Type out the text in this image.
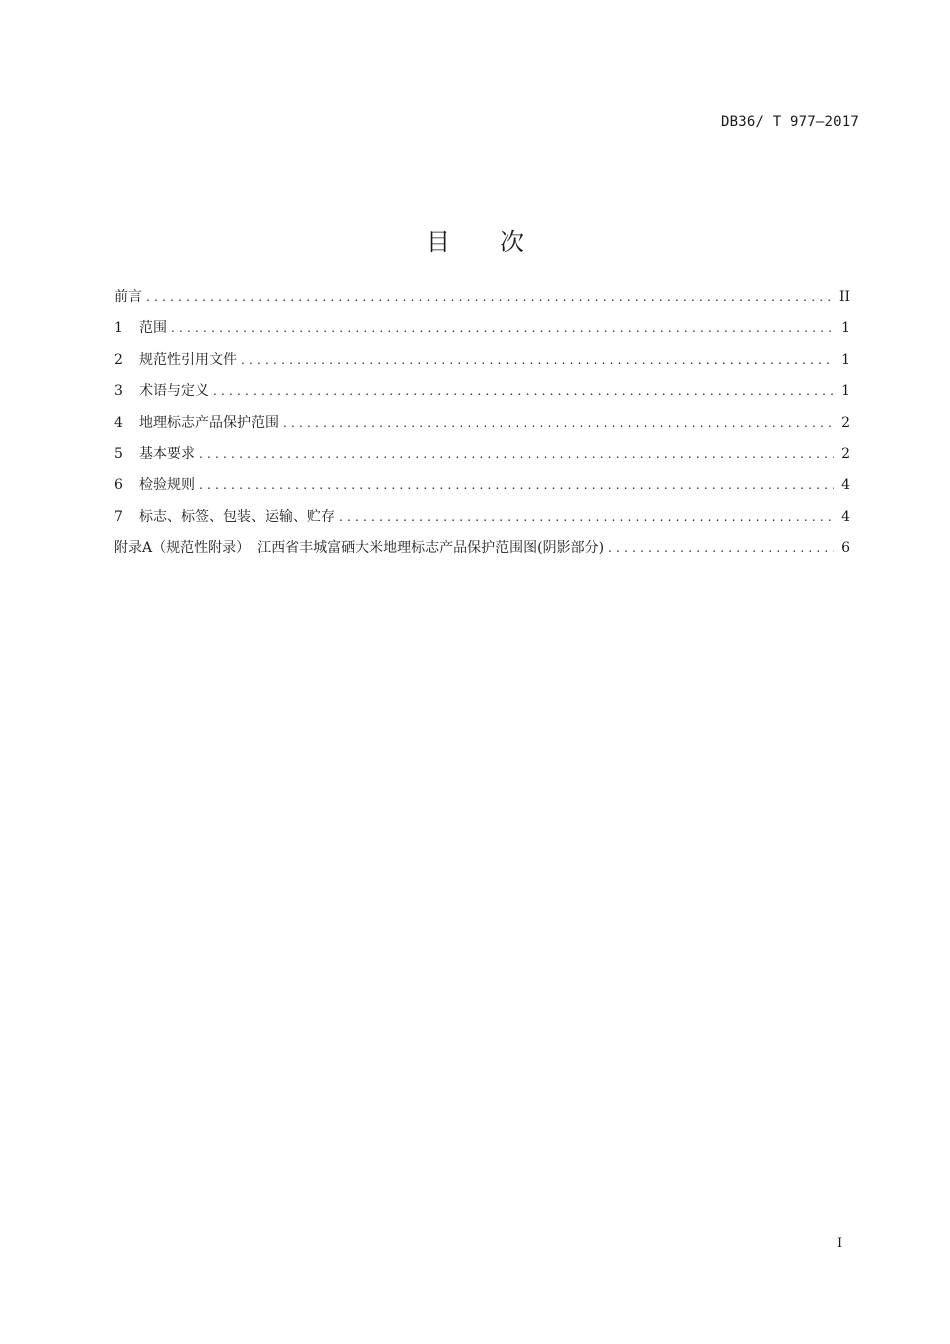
DB36/ T 977—2017
目 次
前言 .....	II
1	范围 .....	1
2	规范性引用文件 .....	1
3	术语与定义 .....	1
4	地理标志产品保护范围 .....	2
5	基本要求 .....	2
6	检验规则 .....	4
7	标志、标签、包装、运输、贮存 .....	4
附录A（规范性附录）　江西省丰城富硒大米地理标志产品保护范围图(阴影部分) .....	6
I
